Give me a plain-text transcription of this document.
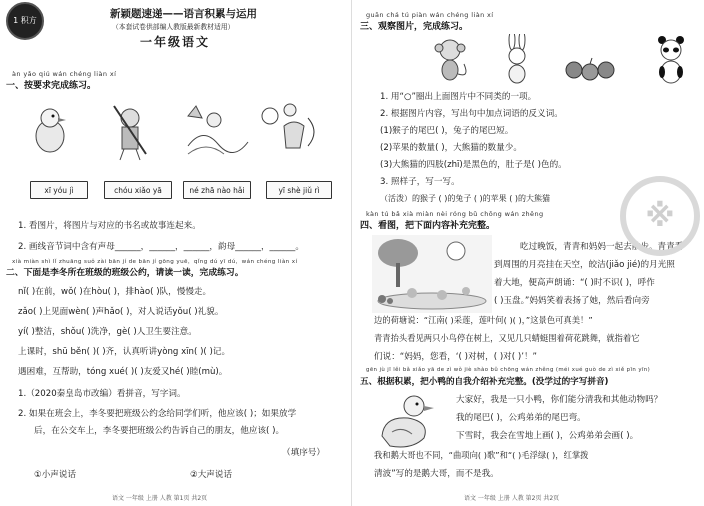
1 积方
新颖题速递——语言积累与运用
（本套试卷供部编人教版最新教材适用）
一年级语文
àn yǎo qiú wán chéng liàn xí
一、按要求完成练习。
xī yóu jì	chóu xiǎo yā	né zhā nào hǎi	yī shè jiǔ rì
1. 看图片，将图片与对应的书名或故事连起来。
2. 画线音节词中含有声母______，______，______，韵母______，______。
xià miàn shì lǐ zhuāng suǒ zài bān jí de bān jí gōng yuē，qǐng dú yī dú，wán chéng liàn xí
二、下面是李冬所在班级的班级公约，请读一读，完成练习。
nǐ( )在前，wǒ( )在hòu( )，排hào( )队，慢慢走。
zǎo( )上见面wèn( )声hǎo( )，对人说话yǒu( )礼貌。
yí( )整洁，shǒu( )洗净，gè( )人卫生要注意。
上课时，shū běn( )( )齐，认真听讲yòng xīn( )( )记。
遇困难，互帮助，tóng xué( )( )友爱又hé( )睦(mù)。
1.（2020秦皇岛市改编）看拼音，写字词。
2. 如果在班会上，李冬要把班级公约念给同学们听，他应该( )；如果放学
后，在公交车上，李冬要把班级公约告诉自己的朋友，他应该( )。
（填序号）
①小声说话	②大声说话
语文 一年级 上册 人教 第1页 共2页
guān chá tú piàn wán chéng liàn xí
三、观察图片，完成练习。
1. 用“○”圈出上面图片中不同类的一项。
2. 根据图片内容，写出句中加点词语的反义词。
(1)猴子的尾巴( )，兔子的尾巴短。
(2)苹果的数量( )，大熊猫的数量少。
(3)大熊猫的四肢(zhī)是黑色的，肚子是( )色的。
3. 照样子，写一写。
（活泼）的猴子 ( )的兔子 ( )的苹果 ( )的大熊猫
kàn tú bǎ xià miàn nèi róng bǔ chōng wán zhěng
四、看图，把下面内容补充完整。
吃过晚饭，青青和妈妈一起去散步。青青看
到周围的月亮挂在天空，皎洁(jiǎo jié)的月光照
着大地，便高声朗诵：“( )时不识( )，呼作
( )玉盘。”妈妈笑着表扬了她，然后看向旁
边的荷塘说：“江南( )采莲，莲叶何( )( )，”这景色可真美！”
青青抬头看见两只小鸟停在树上，又见几只蜻蜓围着荷花跳舞，就指着它
们说：“妈妈，您看，‘( )对树，( )对( )’！”
※
gēn jù jī lěi bǎ xiǎo yā de zì wǒ jiè shào bǔ chōng wán zhěng (méi xué guò de zì xiě pīn yīn)
五、根据积累，把小鸭的自我介绍补充完整。(没学过的字写拼音)
大家好，我是一只小鸭，你们能分清我和其他动物吗？
我的尾巴( )，公鸡弟弟的尾巴弯。
下雪时，我会在雪地上画( )，公鸡弟弟会画( )。
我和鹅大哥也不同，“曲项向( )歌”和“( )毛浮绿( )，红掌拨
清波”写的是鹅大哥，而不是我。
语文 一年级 上册 人教 第2页 共2页
